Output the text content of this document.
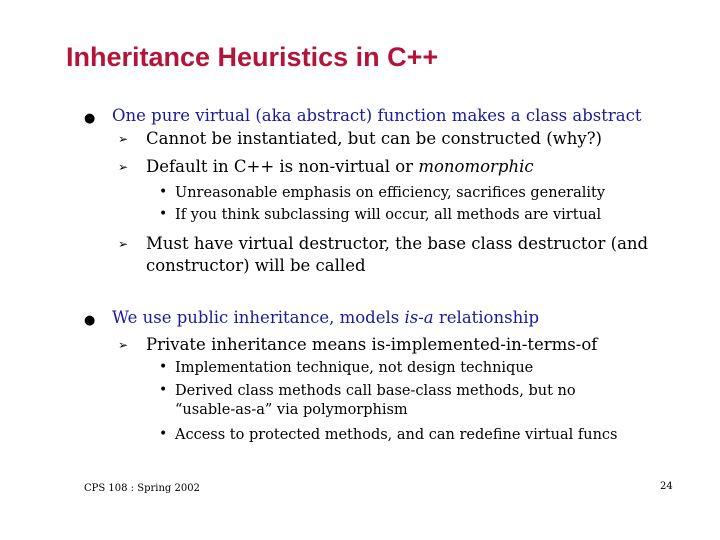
Inheritance Heuristics in C++
● One pure virtual (aka abstract) function makes a class abstract
➢ Cannot be instantiated, but can be constructed (why?)
➢ Default in C++ is non-virtual or monomorphic
• Unreasonable emphasis on efficiency, sacrifices generality
• If you think subclassing will occur, all methods are virtual
➢ Must have virtual destructor, the base class destructor (and
constructor) will be called
● We use public inheritance, models is-a relationship
➢ Private inheritance means is-implemented-in-terms-of
• Implementation technique, not design technique
• Derived class methods call base-class methods, but no
“usable-as-a” via polymorphism
• Access to protected methods, and can redefine virtual funcs
CPS 108 : Spring 2002	24
